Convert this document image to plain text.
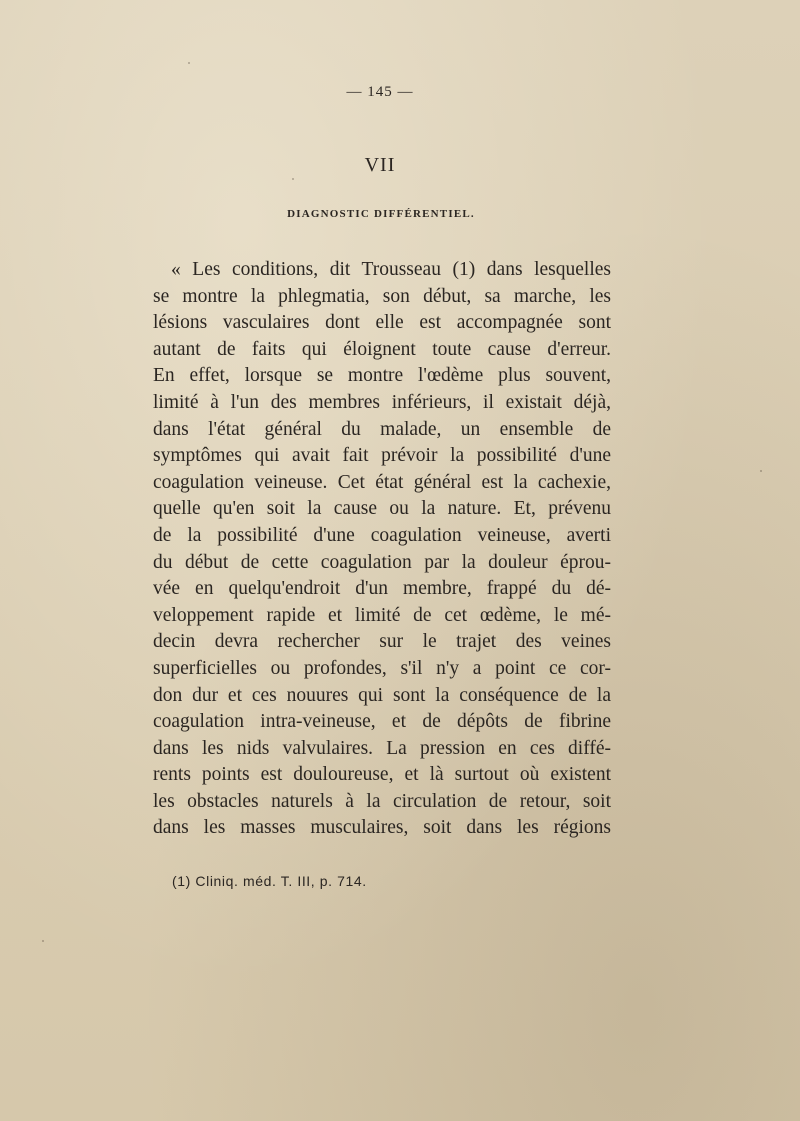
— 145 —
VII
DIAGNOSTIC DIFFÉRENTIEL.
« Les conditions, dit Trousseau (1) dans lesquelles
se montre la phlegmatia, son début, sa marche, les
lésions vasculaires dont elle est accompagnée sont
autant de faits qui éloignent toute cause d'erreur.
En effet, lorsque se montre l'œdème plus souvent,
limité à l'un des membres inférieurs, il existait déjà,
dans l'état général du malade, un ensemble de
symptômes qui avait fait prévoir la possibilité d'une
coagulation veineuse. Cet état général est la cachexie,
quelle qu'en soit la cause ou la nature. Et, prévenu
de la possibilité d'une coagulation veineuse, averti
du début de cette coagulation par la douleur éprou-
vée en quelqu'endroit d'un membre, frappé du dé-
veloppement rapide et limité de cet œdème, le mé-
decin devra rechercher sur le trajet des veines
superficielles ou profondes, s'il n'y a point ce cor-
don dur et ces nouures qui sont la conséquence de la
coagulation intra-veineuse, et de dépôts de fibrine
dans les nids valvulaires. La pression en ces diffé-
rents points est douloureuse, et là surtout où existent
les obstacles naturels à la circulation de retour, soit
dans les masses musculaires, soit dans les régions
(1) Cliniq. méd. T. III, p. 714.
